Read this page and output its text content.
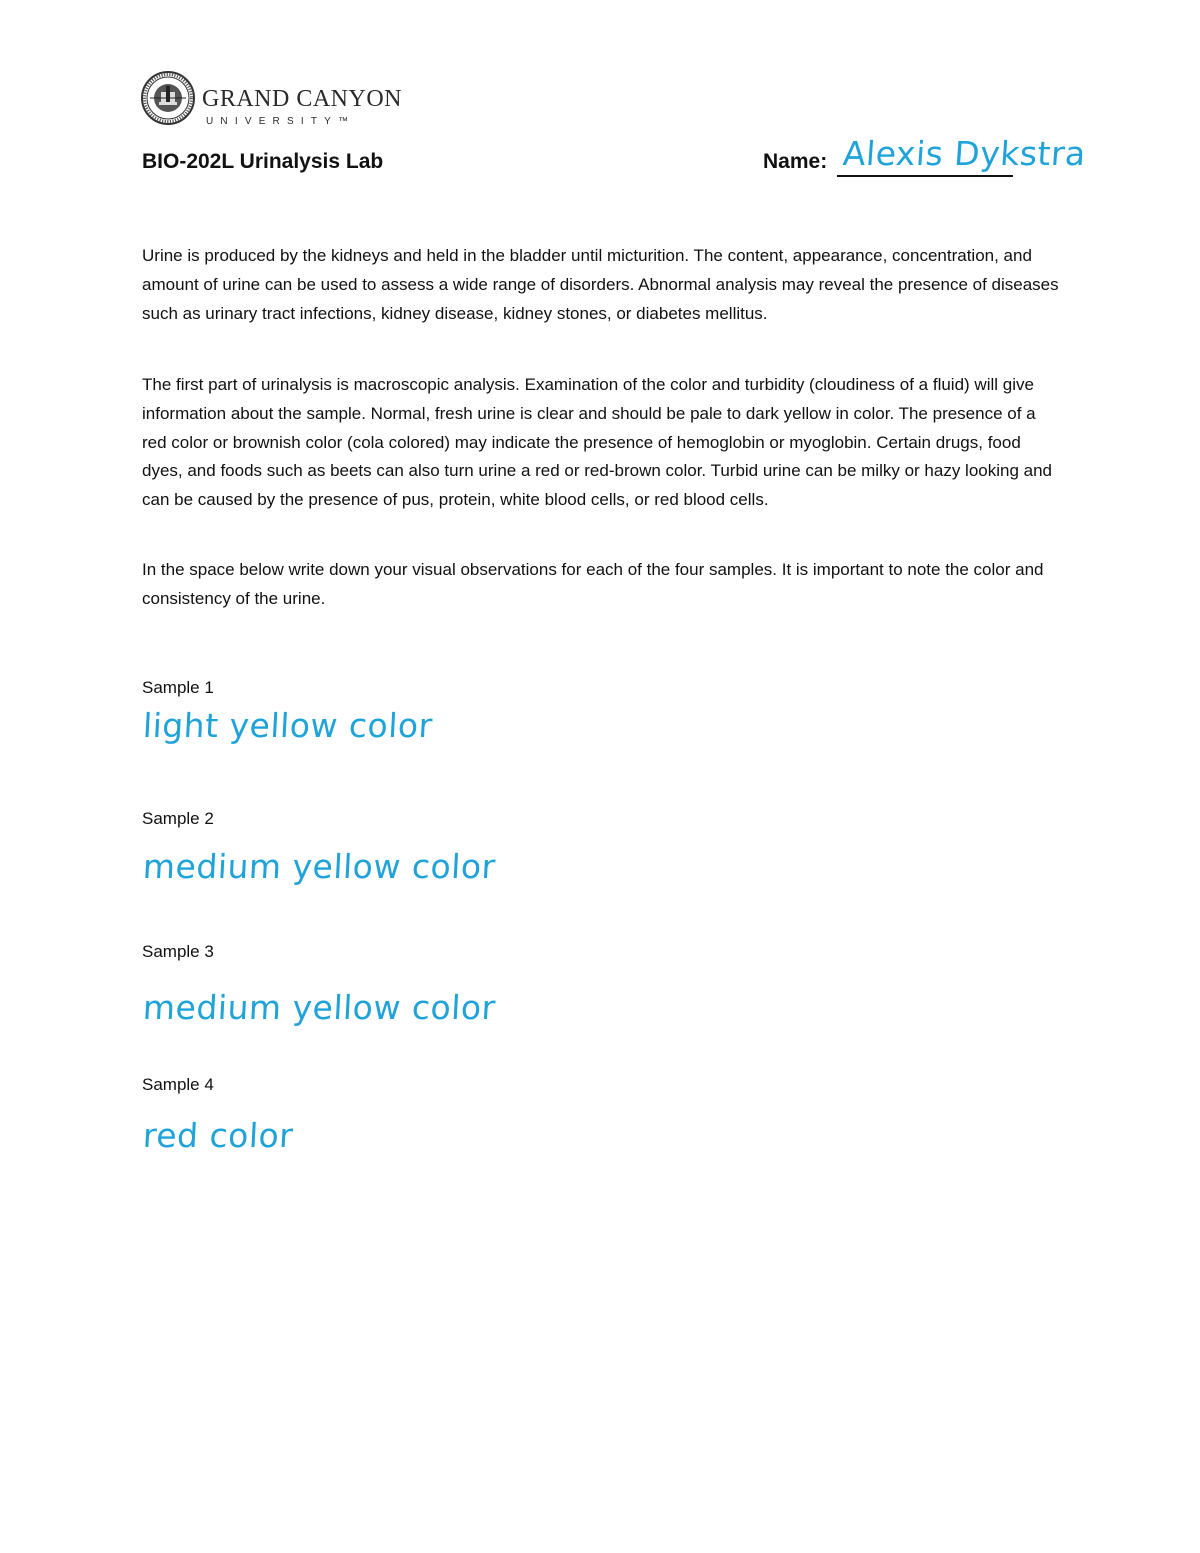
GRAND CANYON
UNIVERSITY™
BIO-202L Urinalysis Lab	Name: Alexis Dykstra
Urine is produced by the kidneys and held in the bladder until micturition. The content, appearance, concentration, and amount of urine can be used to assess a wide range of disorders. Abnormal analysis may reveal the presence of diseases such as urinary tract infections, kidney disease, kidney stones, or diabetes mellitus.
The first part of urinalysis is macroscopic analysis. Examination of the color and turbidity (cloudiness of a fluid) will give information about the sample. Normal, fresh urine is clear and should be pale to dark yellow in color. The presence of a red color or brownish color (cola colored) may indicate the presence of hemoglobin or myoglobin. Certain drugs, food dyes, and foods such as beets can also turn urine a red or red-brown color. Turbid urine can be milky or hazy looking and can be caused by the presence of pus, protein, white blood cells, or red blood cells.
In the space below write down your visual observations for each of the four samples. It is important to note the color and consistency of the urine.
Sample 1
light yellow color
Sample 2
medium yellow color
Sample 3
medium yellow color
Sample 4
red color
